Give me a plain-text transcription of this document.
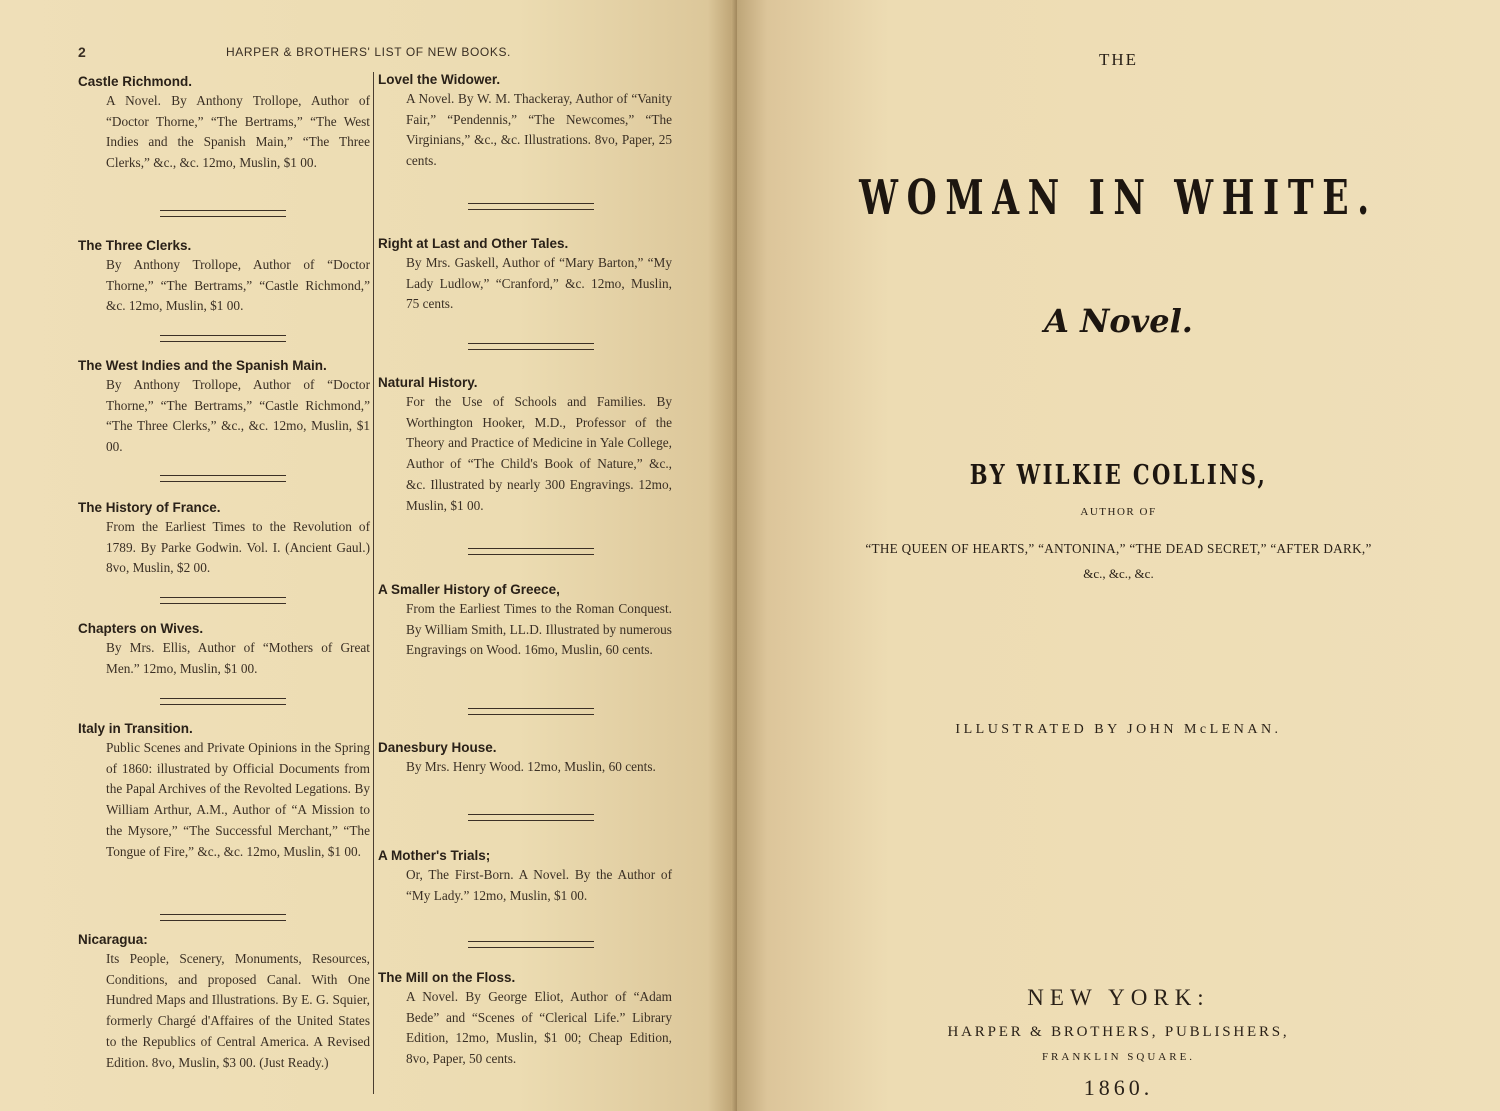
2	HARPER & BROTHERS' LIST OF NEW BOOKS.
Castle Richmond.
A Novel. By Anthony Trollope, Author of “Doctor Thorne,” “The Bertrams,” “The West Indies and the Spanish Main,” “The Three Clerks,” &c., &c. 12mo, Muslin, $1 00.
The Three Clerks.
By Anthony Trollope, Author of “Doctor Thorne,” “The Bertrams,” “Castle Richmond,” &c. 12mo, Muslin, $1 00.
The West Indies and the Spanish Main.
By Anthony Trollope, Author of “Doctor Thorne,” “The Bertrams,” “Castle Richmond,” “The Three Clerks,” &c., &c. 12mo, Muslin, $1 00.
The History of France.
From the Earliest Times to the Revolution of 1789. By Parke Godwin. Vol. I. (Ancient Gaul.) 8vo, Muslin, $2 00.
Chapters on Wives.
By Mrs. Ellis, Author of “Mothers of Great Men.” 12mo, Muslin, $1 00.
Italy in Transition.
Public Scenes and Private Opinions in the Spring of 1860: illustrated by Official Documents from the Papal Archives of the Revolted Legations. By William Arthur, A.M., Author of “A Mission to the Mysore,” “The Successful Merchant,” “The Tongue of Fire,” &c., &c. 12mo, Muslin, $1 00.
Nicaragua:
Its People, Scenery, Monuments, Resources, Conditions, and proposed Canal. With One Hundred Maps and Illustrations. By E. G. Squier, formerly Chargé d'Affaires of the United States to the Republics of Central America. A Revised Edition. 8vo, Muslin, $3 00. (Just Ready.)
Lovel the Widower.
A Novel. By W. M. Thackeray, Author of “Vanity Fair,” “Pendennis,” “The Newcomes,” “The Virginians,” &c., &c. Illustrations. 8vo, Paper, 25 cents.
Right at Last and Other Tales.
By Mrs. Gaskell, Author of “Mary Barton,” “My Lady Ludlow,” “Cranford,” &c. 12mo, Muslin, 75 cents.
Natural History.
For the Use of Schools and Families. By Worthington Hooker, M.D., Professor of the Theory and Practice of Medicine in Yale College, Author of “The Child's Book of Nature,” &c., &c. Illustrated by nearly 300 Engravings. 12mo, Muslin, $1 00.
A Smaller History of Greece,
From the Earliest Times to the Roman Conquest. By William Smith, LL.D. Illustrated by numerous Engravings on Wood. 16mo, Muslin, 60 cents.
Danesbury House.
By Mrs. Henry Wood. 12mo, Muslin, 60 cents.
A Mother's Trials;
Or, The First-Born. A Novel. By the Author of “My Lady.” 12mo, Muslin, $1 00.
The Mill on the Floss.
A Novel. By George Eliot, Author of “Adam Bede” and “Scenes of “Clerical Life.” Library Edition, 12mo, Muslin, $1 00; Cheap Edition, 8vo, Paper, 50 cents.
THE
WOMAN IN WHITE.
A Novel.
BY WILKIE COLLINS,
AUTHOR OF
“THE QUEEN OF HEARTS,” “ANTONINA,” “THE DEAD SECRET,” “AFTER DARK,”
&c., &c., &c.
ILLUSTRATED BY JOHN McLENAN.
NEW YORK:
HARPER & BROTHERS, PUBLISHERS,
FRANKLIN SQUARE.
1860.
